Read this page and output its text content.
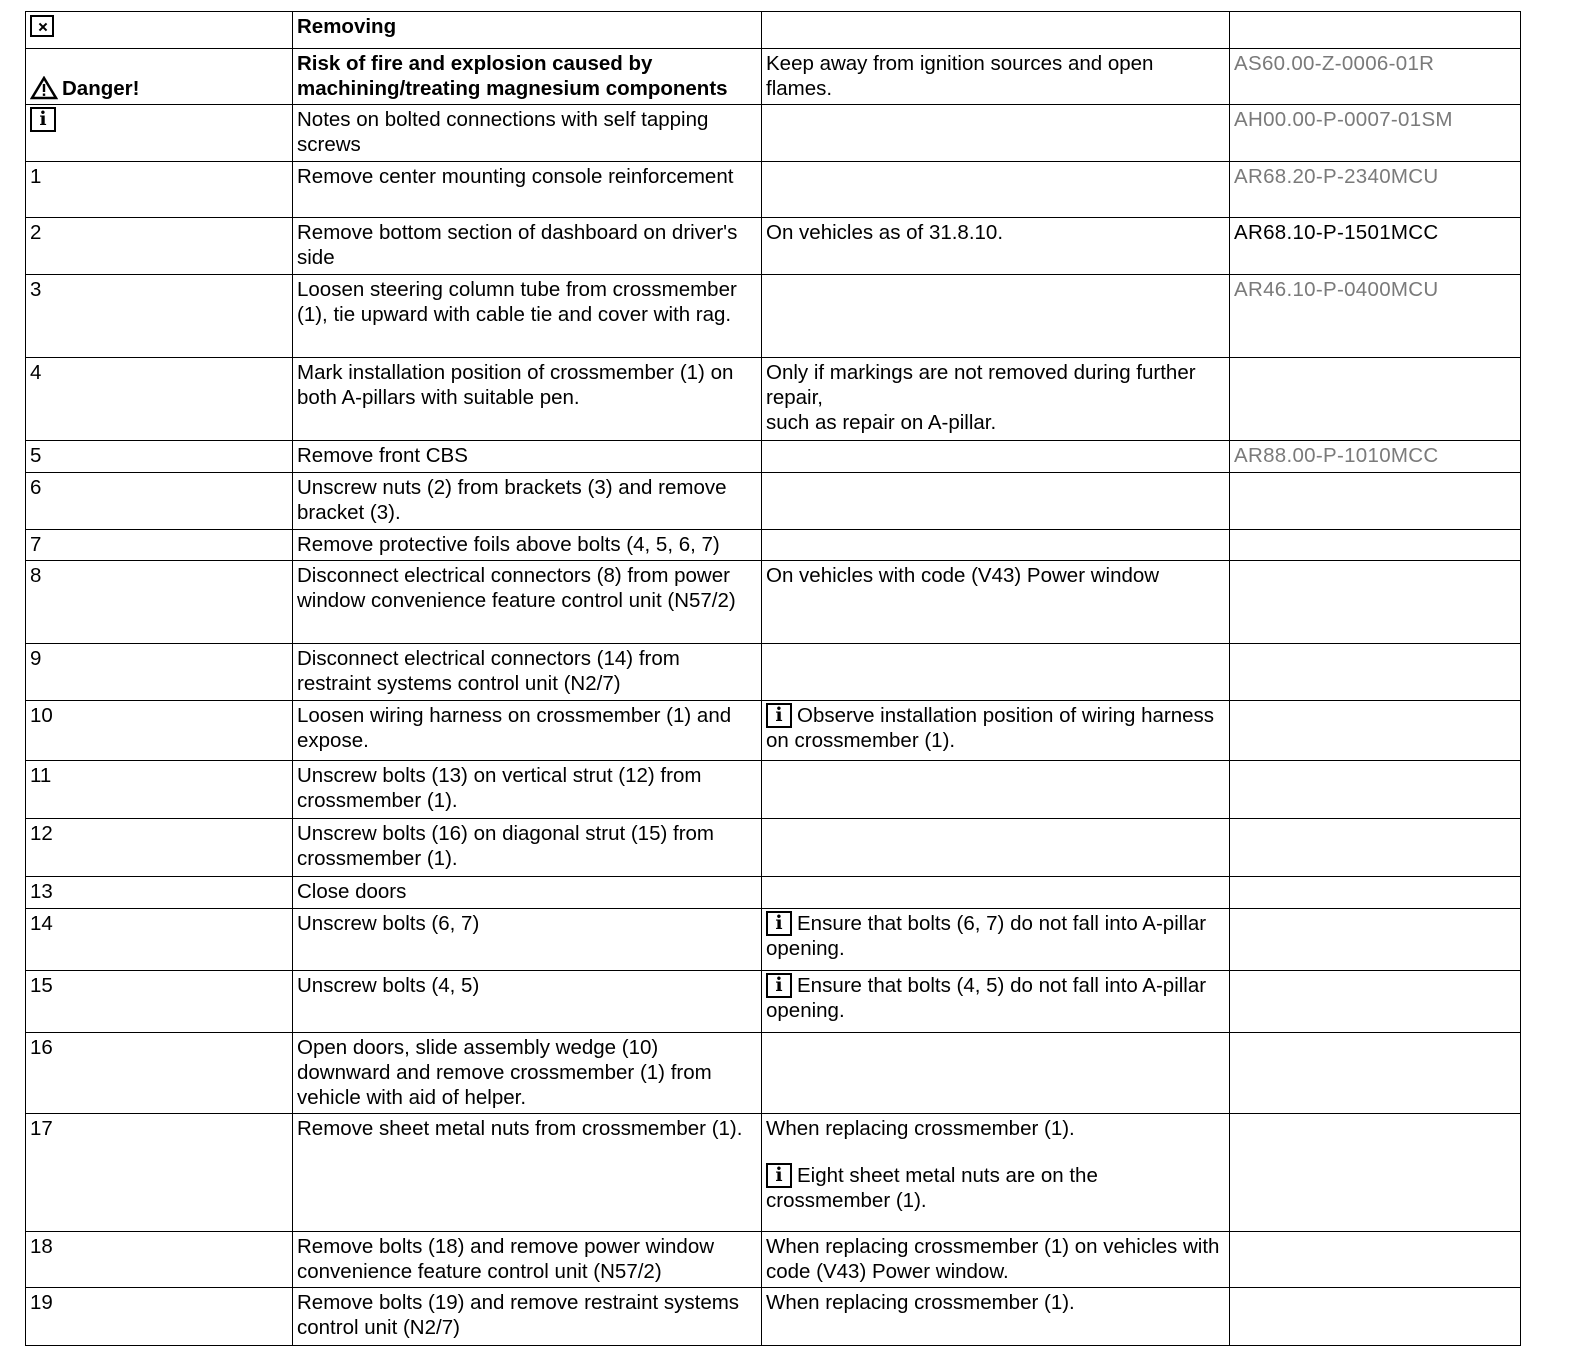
	Removing		

Danger!	Risk of fire and explosion caused by machining/treating magnesium components	Keep away from ignition sources and open flames.	AS60.00-Z-0006-01R
i	Notes on bolted connections with self tapping screws		AH00.00-P-0007-01SM
1	Remove center mounting console reinforcement		AR68.20-P-2340MCU
2	Remove bottom section of dashboard on driver's side	On vehicles as of 31.8.10.	AR68.10-P-1501MCC
3	Loosen steering column tube from crossmember (1), tie upward with cable tie and cover with rag.		AR46.10-P-0400MCU
4	Mark installation position of crossmember (1) on both A-pillars with suitable pen.	Only if markings are not removed during further repair,
such as repair on A-pillar.	

5	Remove front CBS		AR88.00-P-1010MCC
6	Unscrew nuts (2) from brackets (3) and remove bracket (3).		
7	Remove protective foils above bolts (4, 5, 6, 7)		
8	Disconnect electrical connectors (8) from power window convenience feature control unit (N57/2)	On vehicles with code (V43) Power window	

9	Disconnect electrical connectors (14) from restraint systems control unit (N2/7)		
10	Loosen wiring harness on crossmember (1) and expose.	i Observe installation position of wiring harness on crossmember (1).	
11	Unscrew bolts (13) on vertical strut (12) from crossmember (1).		
12	Unscrew bolts (16) on diagonal strut (15) from crossmember (1).		
13	Close doors		
14	Unscrew bolts (6, 7)	i Ensure that bolts (6, 7) do not fall into A-pillar opening.	
15	Unscrew bolts (4, 5)	i Ensure that bolts (4, 5) do not fall into A-pillar opening.	
16	Open doors, slide assembly wedge (10) downward and remove crossmember (1) from vehicle with aid of helper.		
17	Remove sheet metal nuts from crossmember (1).	When replacing crossmember (1).
i Eight sheet metal nuts are on the crossmember (1).	
18	Remove bolts (18) and remove power window convenience feature control unit (N57/2)	When replacing crossmember (1) on vehicles with code (V43) Power window.	

19	Remove bolts (19) and remove restraint systems control unit (N2/7)	When replacing crossmember (1).	
